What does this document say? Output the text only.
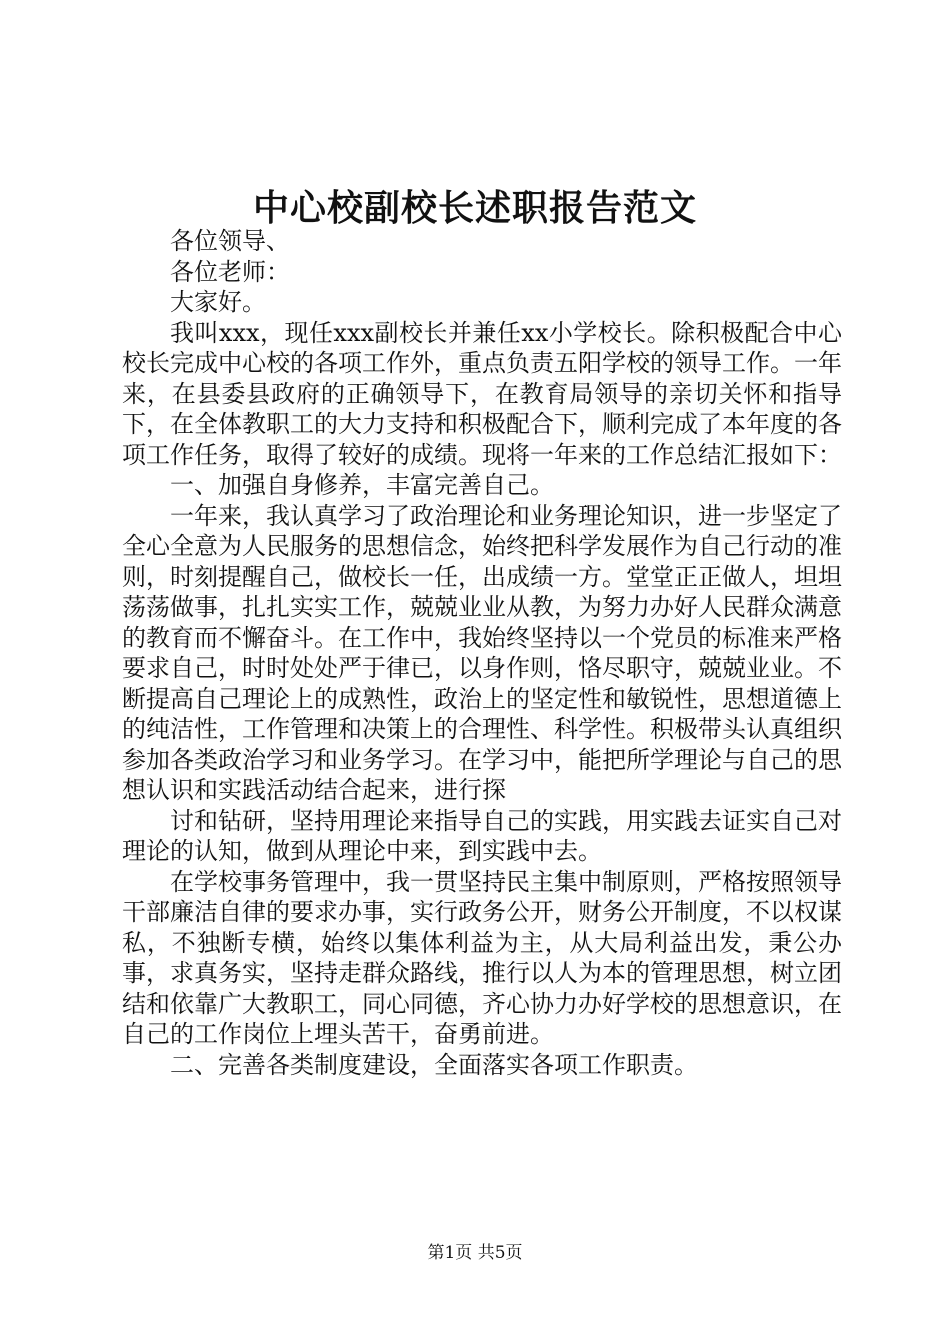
中心校副校长述职报告范文

各位领导、

各位老师：

大家好。

我叫xxx，现任xxx副校长并兼任xx小学校长。除积极配合中心校长完成中心校的各项工作外，重点负责五阳学校的领导工作。一年来，在县委县政府的正确领导下，在教育局领导的亲切关怀和指导下，在全体教职工的大力支持和积极配合下，顺利完成了本年度的各项工作任务，取得了较好的成绩。现将一年来的工作总结汇报如下：

一、加强自身修养，丰富完善自己。

一年来，我认真学习了政治理论和业务理论知识，进一步坚定了全心全意为人民服务的思想信念，始终把科学发展作为自己行动的准则，时刻提醒自己，做校长一任，出成绩一方。堂堂正正做人，坦坦荡荡做事，扎扎实实工作，兢兢业业从教，为努力办好人民群众满意的教育而不懈奋斗。在工作中，我始终坚持以一个党员的标准来严格要求自己，时时处处严于律已，以身作则，恪尽职守，兢兢业业。不断提高自己理论上的成熟性，政治上的坚定性和敏锐性，思想道德上的纯洁性，工作管理和决策上的合理性、科学性。积极带头认真组织参加各类政治学习和业务学习。在学习中，能把所学理论与自己的思想认识和实践活动结合起来，进行探

讨和钻研，坚持用理论来指导自己的实践，用实践去证实自己对理论的认知，做到从理论中来，到实践中去。

在学校事务管理中，我一贯坚持民主集中制原则，严格按照领导干部廉洁自律的要求办事，实行政务公开，财务公开制度，不以权谋私，不独断专横，始终以集体利益为主，从大局利益出发，秉公办事，求真务实，坚持走群众路线，推行以人为本的管理思想，树立团结和依靠广大教职工，同心同德，齐心协力办好学校的思想意识，在自己的工作岗位上埋头苦干，奋勇前进。

二、完善各类制度建设，全面落实各项工作职责。

第1页 共5页
